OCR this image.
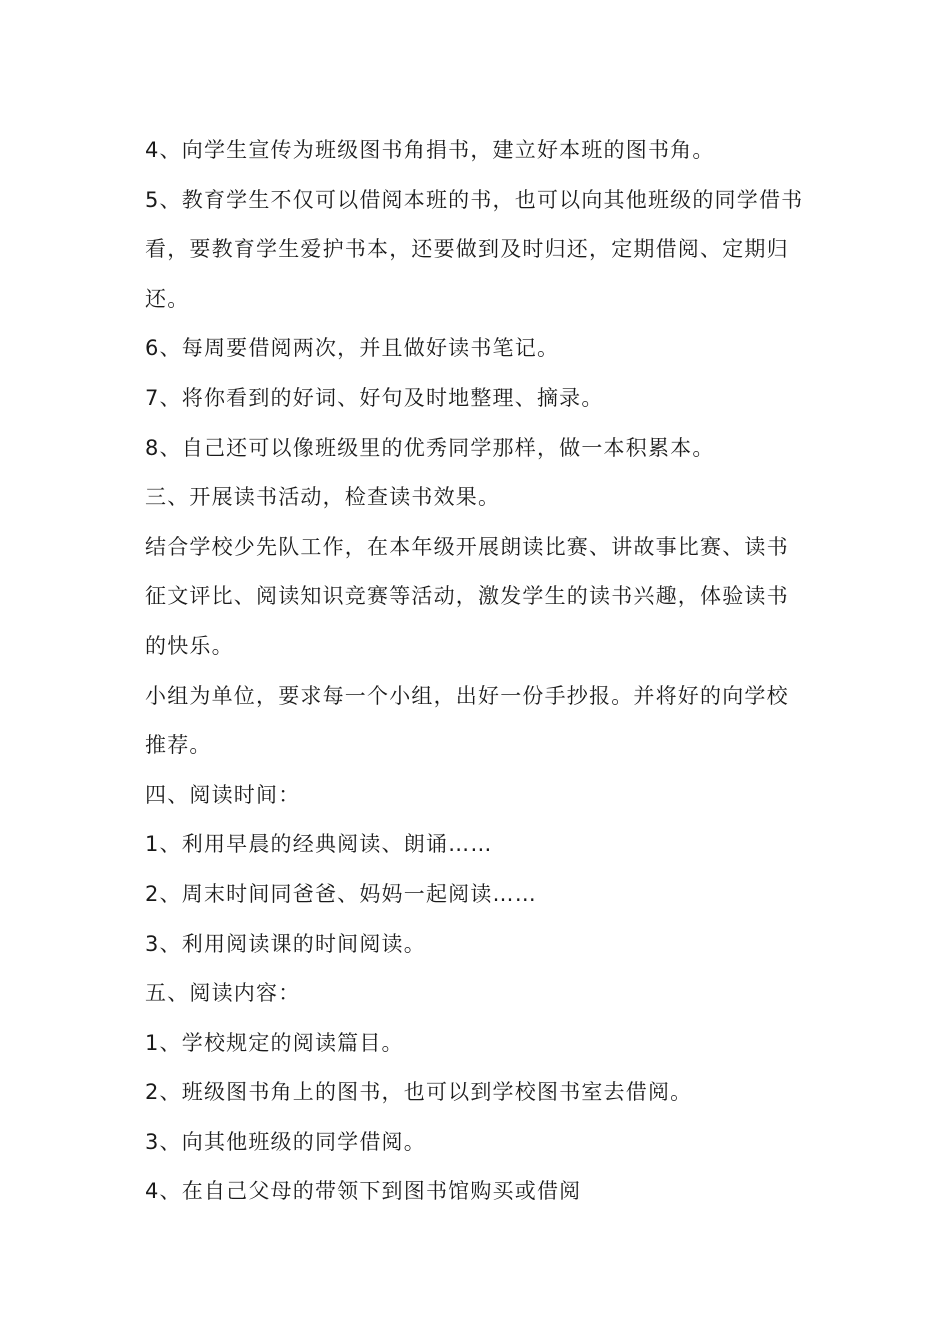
4、向学生宣传为班级图书角捐书，建立好本班的图书角。
5、教育学生不仅可以借阅本班的书，也可以向其他班级的同学借书
看，要教育学生爱护书本，还要做到及时归还，定期借阅、定期归
还。
6、每周要借阅两次，并且做好读书笔记。
7、将你看到的好词、好句及时地整理、摘录。
8、自己还可以像班级里的优秀同学那样，做一本积累本。
三、开展读书活动，检查读书效果。
结合学校少先队工作，在本年级开展朗读比赛、讲故事比赛、读书
征文评比、阅读知识竞赛等活动，激发学生的读书兴趣，体验读书
的快乐。
小组为单位，要求每一个小组，出好一份手抄报。并将好的向学校
推荐。
四、阅读时间：
1、利用早晨的经典阅读、朗诵……
2、周末时间同爸爸、妈妈一起阅读……
3、利用阅读课的时间阅读。
五、阅读内容：
1、学校规定的阅读篇目。
2、班级图书角上的图书，也可以到学校图书室去借阅。
3、向其他班级的同学借阅。
4、在自己父母的带领下到图书馆购买或借阅
